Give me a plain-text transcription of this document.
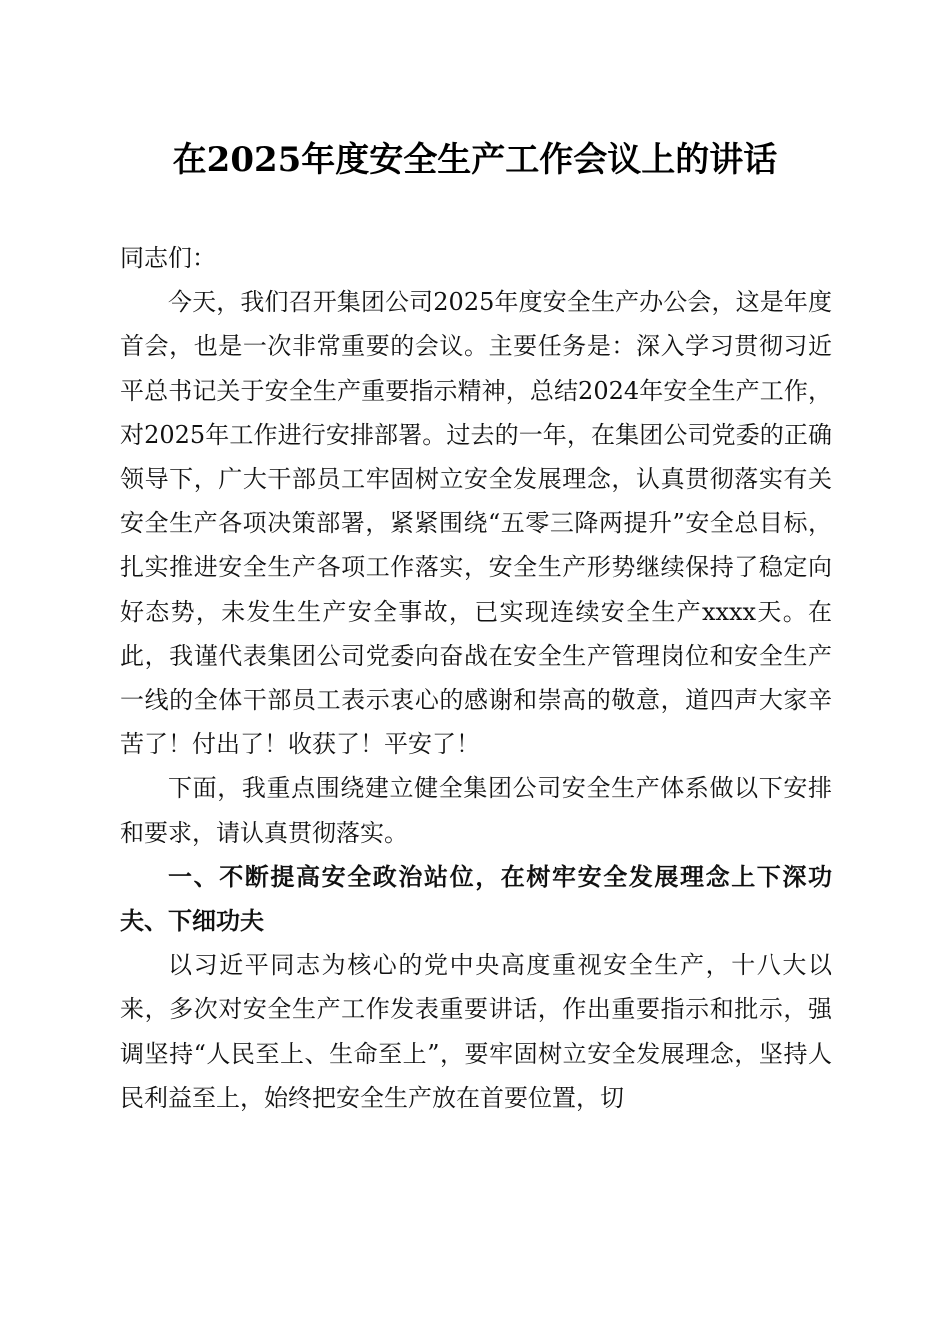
在2025年度安全生产工作会议上的讲话

同志们：

今天，我们召开集团公司2025年度安全生产办公会，这是年度首会，也是一次非常重要的会议。主要任务是：深入学习贯彻习近平总书记关于安全生产重要指示精神，总结2024年安全生产工作，对2025年工作进行安排部署。过去的一年，在集团公司党委的正确领导下，广大干部员工牢固树立安全发展理念，认真贯彻落实有关安全生产各项决策部署，紧紧围绕“五零三降两提升”安全总目标，扎实推进安全生产各项工作落实，安全生产形势继续保持了稳定向好态势，未发生生产安全事故，已实现连续安全生产xxxx天。在此，我谨代表集团公司党委向奋战在安全生产管理岗位和安全生产一线的全体干部员工表示衷心的感谢和崇高的敬意，道四声大家辛苦了！付出了！收获了！平安了！

下面，我重点围绕建立健全集团公司安全生产体系做以下安排和要求，请认真贯彻落实。

一、不断提高安全政治站位，在树牢安全发展理念上下深功夫、下细功夫

以习近平同志为核心的党中央高度重视安全生产，十八大以来，多次对安全生产工作发表重要讲话，作出重要指示和批示，强调坚持“人民至上、生命至上”，要牢固树立安全发展理念，坚持人民利益至上，始终把安全生产放在首要位置，切
